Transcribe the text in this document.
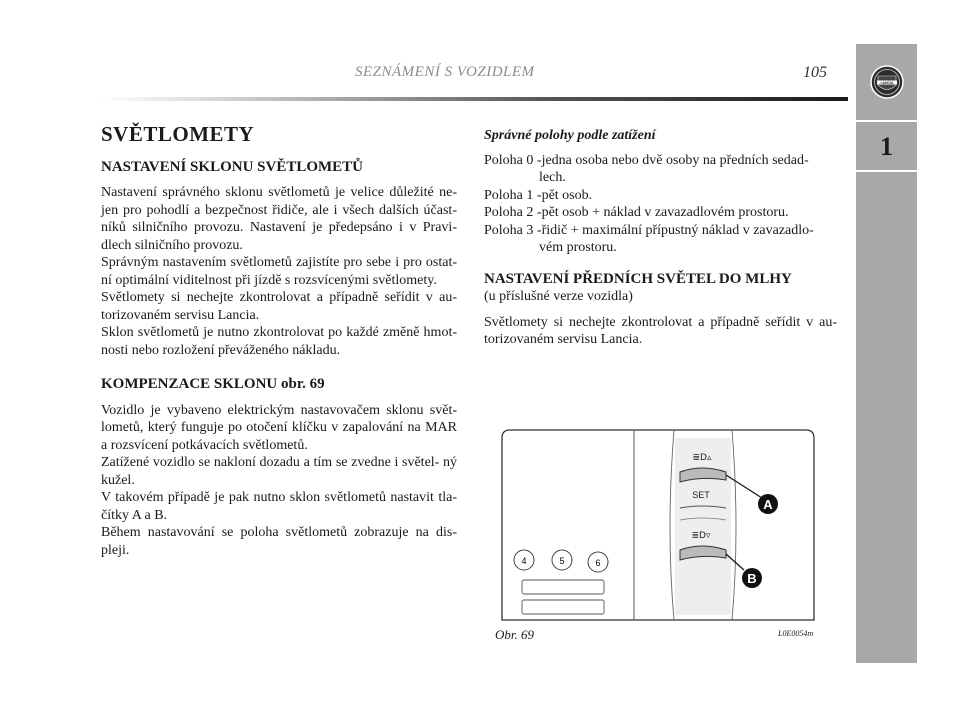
SEZNÁMENÍ S VOZIDLEM	105
LANCIA
1
SVĚTLOMETY
NASTAVENÍ SKLONU SVĚTLOMETŮ

Nastavení správného sklonu světlometů je velice důležité ne- jen pro pohodlí a bezpečnost řidiče, ale i všech dalších účast- níků silničního provozu. Nastavení je předepsáno i v Pravi- dlech silničního provozu.

Správným nastavením světlometů zajistíte pro sebe i pro ostat- ní optimální viditelnost při jízdě s rozsvícenými světlomety.

Světlomety si nechejte zkontrolovat a případně seřídit v au- torizovaném servisu Lancia.

Sklon světlometů je nutno zkontrolovat po každé změně hmot- nosti nebo rozložení převáženého nákladu.

KOMPENZACE SKLONU obr. 69

Vozidlo je vybaveno elektrickým nastavovačem sklonu svět- lometů, který funguje po otočení klíčku v zapalování na MAR a rozsvícení potkávacích světlometů.

Zatížené vozidlo se nakloní dozadu a tím se zvedne i světel- ný kužel.

V takovém případě je pak nutno sklon světlometů nastavit tla- čítky A a B.

Během nastavování se poloha světlometů zobrazuje na dis- pleji.

Správné polohy podle zatížení
Poloha 0 - jedna osoba nebo dvě osoby na předních sedad-
lech.
Poloha 1 - pět osob.
Poloha 2 - pět osob + náklad v zavazadlovém prostoru.
Poloha 3 - řidič + maximální přípustný náklad v zavazadlo-
vém prostoru.
NASTAVENÍ PŘEDNÍCH SVĚTEL DO MLHY
(u příslušné verze vozidla)

Světlomety si nechejte zkontrolovat a případně seřídit v au- torizovaném servisu Lancia.

≣D▵
SET
≣D▿
A
B
4	5	6
Obr. 69	L0E0054m
